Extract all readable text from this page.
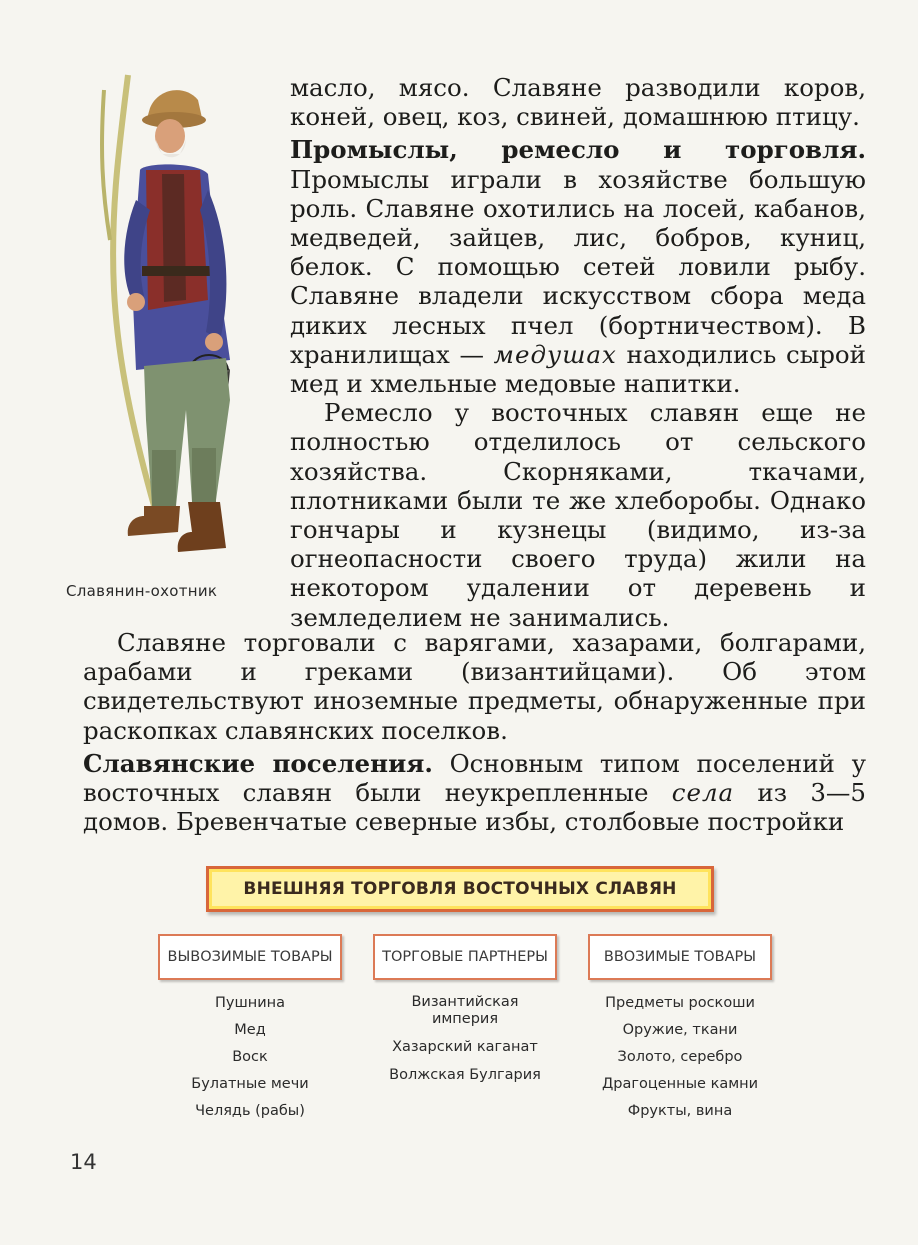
Славянин-охотник

масло, мясо. Славяне разводили коров, коней, овец, коз, свиней, домашнюю птицу.

Промыслы, ремесло и торговля. Промыслы играли в хозяйстве большую роль. Славяне охотились на лосей, кабанов, медведей, зайцев, лис, бобров, куниц, белок. С помощью сетей ловили рыбу. Славяне владели искусством сбора меда диких лесных пчел (бортничеством). В хранилищах — медушах находились сырой мед и хмельные медовые напитки.

Ремесло у восточных славян еще не полностью отделилось от сельского хозяйства. Скорняками, ткачами, плотниками были те же хлеборобы. Однако гончары и кузнецы (видимо, из-за огнеопасности своего труда) жили на некотором удалении от деревень и земледелием не занимались.

Славяне торговали с варягами, хазарами, болгарами, арабами и греками (византийцами). Об этом свидетельствуют иноземные предметы, обнаруженные при раскопках славянских поселков.

Славянские поселения. Основным типом поселений у восточных славян были неукрепленные села из 3—5 домов. Бревенчатые северные избы, столбовые постройки

ВНЕШНЯЯ ТОРГОВЛЯ ВОСТОЧНЫХ СЛАВЯН
ВЫВОЗИМЫЕ ТОВАРЫ	ТОРГОВЫЕ ПАРТНЕРЫ	ВВОЗИМЫЕ ТОВАРЫ
Пушнина
Мед
Воск
Булатные мечи
Челядь (рабы)
Византийская империя
Хазарский каганат
Волжская Булгария
Предметы роскоши
Оружие, ткани
Золото, серебро
Драгоценные камни
Фрукты, вина
14
